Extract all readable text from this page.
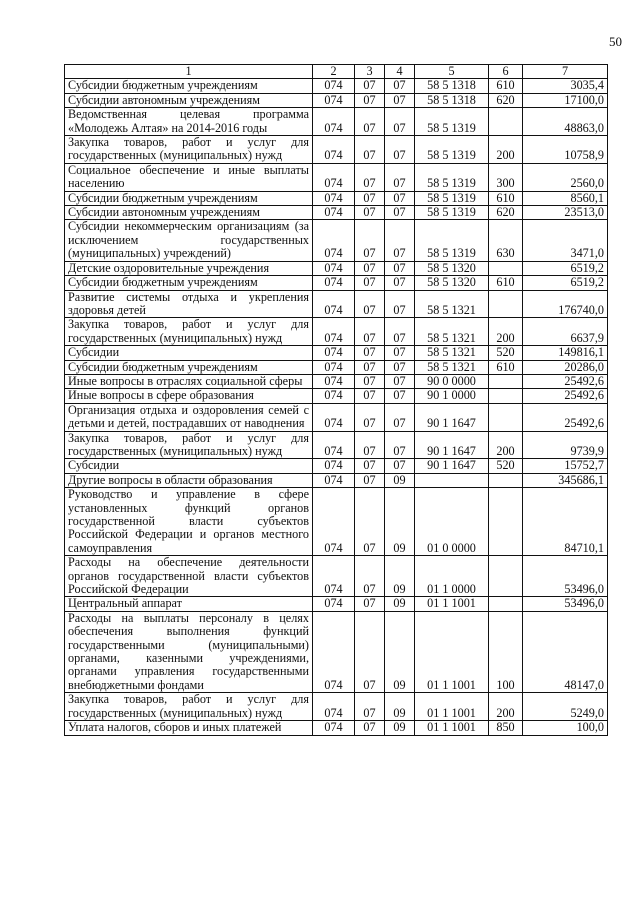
50
1	2	3	4	5	6	7
Субсидии бюджетным учреждениям	074	07	07	58 5 1318	610	3035,4
Субсидии автономным учреждениям	074	07	07	58 5 1318	620	17100,0
Ведомственная целевая программа «Молодежь Алтая» на 2014-2016 годы	074	07	07	58 5 1319		48863,0
Закупка товаров, работ и услуг для государственных (муниципальных) нужд	074	07	07	58 5 1319	200	10758,9
Социальное обеспечение и иные выплаты населению	074	07	07	58 5 1319	300	2560,0
Субсидии бюджетным учреждениям	074	07	07	58 5 1319	610	8560,1
Субсидии автономным учреждениям	074	07	07	58 5 1319	620	23513,0
Субсидии некоммерческим организациям (за исключением государственных (муниципальных) учреждений)	074	07	07	58 5 1319	630	3471,0
Детские оздоровительные учреждения	074	07	07	58 5 1320		6519,2
Субсидии бюджетным учреждениям	074	07	07	58 5 1320	610	6519,2
Развитие системы отдыха и укрепления здоровья детей	074	07	07	58 5 1321		176740,0
Закупка товаров, работ и услуг для государственных (муниципальных) нужд	074	07	07	58 5 1321	200	6637,9
Субсидии	074	07	07	58 5 1321	520	149816,1
Субсидии бюджетным учреждениям	074	07	07	58 5 1321	610	20286,0
Иные вопросы в отраслях социальной сферы	074	07	07	90 0 0000		25492,6
Иные вопросы в сфере образования	074	07	07	90 1 0000		25492,6
Организация отдыха и оздоровления семей с детьми и детей, пострадавших от наводнения	074	07	07	90 1 1647		25492,6
Закупка товаров, работ и услуг для государственных (муниципальных) нужд	074	07	07	90 1 1647	200	9739,9
Субсидии	074	07	07	90 1 1647	520	15752,7
Другие вопросы в области образования	074	07	09			345686,1
Руководство и управление в сфере установленных функций органов государственной власти субъектов Российской Федерации и органов местного самоуправления	074	07	09	01 0 0000		84710,1
Расходы на обеспечение деятельности органов государственной власти субъектов Российской Федерации	074	07	09	01 1 0000		53496,0
Центральный аппарат	074	07	09	01 1 1001		53496,0
Расходы на выплаты персоналу в целях обеспечения выполнения функций государственными (муниципальными) органами, казенными учреждениями, органами управления государственными внебюджетными фондами	074	07	09	01 1 1001	100	48147,0
Закупка товаров, работ и услуг для государственных (муниципальных) нужд	074	07	09	01 1 1001	200	5249,0
Уплата налогов, сборов и иных платежей	074	07	09	01 1 1001	850	100,0
